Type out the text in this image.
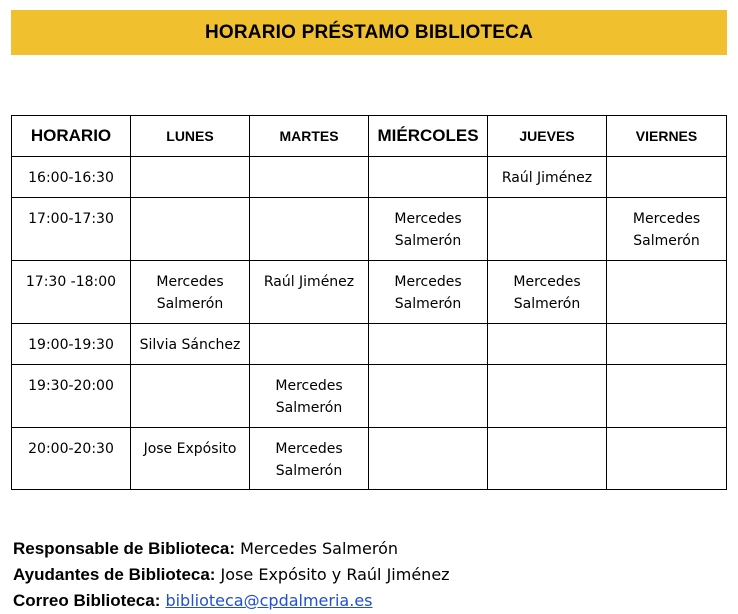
HORARIO PRÉSTAMO BIBLIOTECA
HORARIO	LUNES	MARTES	MIÉRCOLES	JUEVES	VIERNES
16:00-16:30				Raúl Jiménez	
17:00-17:30			Mercedes Salmerón		Mercedes Salmerón
17:30 -18:00	Mercedes Salmerón	Raúl Jiménez	Mercedes Salmerón	Mercedes Salmerón	
19:00-19:30	Silvia Sánchez				
19:30-20:00		Mercedes Salmerón			
20:00-20:30	Jose Expósito	Mercedes Salmerón			
Responsable de Biblioteca: Mercedes Salmerón
Ayudantes de Biblioteca: Jose Expósito y Raúl Jiménez
Correo Biblioteca: biblioteca@cpdalmeria.es
